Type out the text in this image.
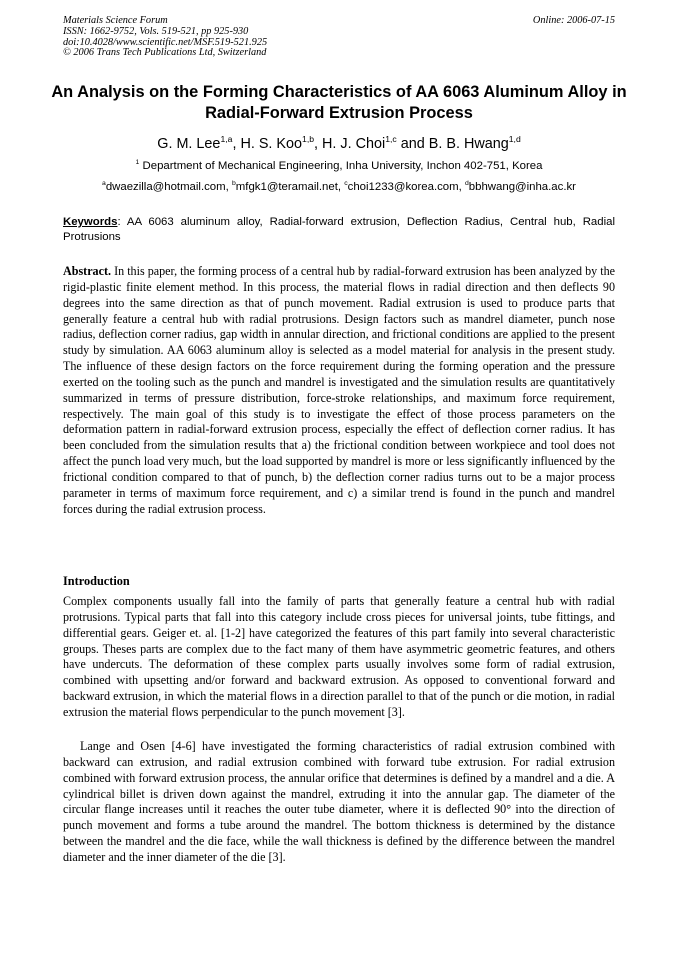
Materials Science Forum
ISSN: 1662-9752, Vols. 519-521, pp 925-930
doi:10.4028/www.scientific.net/MSF.519-521.925
© 2006 Trans Tech Publications Ltd, Switzerland
Online: 2006-07-15
An Analysis on the Forming Characteristics of AA 6063 Aluminum Alloy in Radial-Forward Extrusion Process
G. M. Lee$^{1,a}$, H. S. Koo$^{1,b}$, H. J. Choi$^{1,c}$ and B. B. Hwang$^{1,d}$
$^1$ Department of Mechanical Engineering, Inha University, Inchon 402-751, Korea
$^a$dwaezilla@hotmail.com, $^b$mfgk1@teramail.net, $^c$choi1233@korea.com, $^d$bbhwang@inha.ac.kr
Keywords: AA 6063 aluminum alloy, Radial-forward extrusion, Deflection Radius, Central hub, Radial Protrusions
Abstract. In this paper, the forming process of a central hub by radial-forward extrusion has been analyzed by the rigid-plastic finite element method. In this process, the material flows in radial direction and then deflects 90 degrees into the same direction as that of punch movement. Radial extrusion is used to produce parts that generally feature a central hub with radial protrusions. Design factors such as mandrel diameter, punch nose radius, deflection corner radius, gap width in annular direction, and frictional conditions are applied to the present study by simulation. AA 6063 aluminum alloy is selected as a model material for analysis in the present study. The influence of these design factors on the force requirement during the forming operation and the pressure exerted on the tooling such as the punch and mandrel is investigated and the simulation results are quantitatively summarized in terms of pressure distribution, force-stroke relationships, and maximum force requirement, respectively. The main goal of this study is to investigate the effect of those process parameters on the deformation pattern in radial-forward extrusion process, especially the effect of deflection corner radius. It has been concluded from the simulation results that a) the frictional condition between workpiece and tool does not affect the punch load very much, but the load supported by mandrel is more or less significantly influenced by the frictional condition compared to that of punch, b) the deflection corner radius turns out to be a major process parameter in terms of maximum force requirement, and c) a similar trend is found in the punch and mandrel forces during the radial extrusion process.
Introduction
Complex components usually fall into the family of parts that generally feature a central hub with radial protrusions. Typical parts that fall into this category include cross pieces for universal joints, tube fittings, and differential gears. Geiger et. al. [1-2] have categorized the features of this part family into several characteristic groups. Theses parts are complex due to the fact many of them have asymmetric geometric features, and others have undercuts. The deformation of these complex parts usually involves some form of radial extrusion, combined with upsetting and/or forward and backward extrusion. As opposed to conventional forward and backward extrusion, in which the material flows in a direction parallel to that of the punch or die motion, in radial extrusion the material flows perpendicular to the punch movement [3].
Lange and Osen [4-6] have investigated the forming characteristics of radial extrusion combined with backward can extrusion, and radial extrusion combined with forward tube extrusion. For radial extrusion combined with forward extrusion process, the annular orifice that determines is defined by a mandrel and a die. A cylindrical billet is driven down against the mandrel, extruding it into the annular gap. The diameter of the circular flange increases until it reaches the outer tube diameter, where it is deflected 90° into the direction of punch movement and forms a tube around the mandrel. The bottom thickness is determined by the distance between the mandrel and the die face, while the wall thickness is defined by the difference between the mandrel diameter and the inner diameter of the die [3].
